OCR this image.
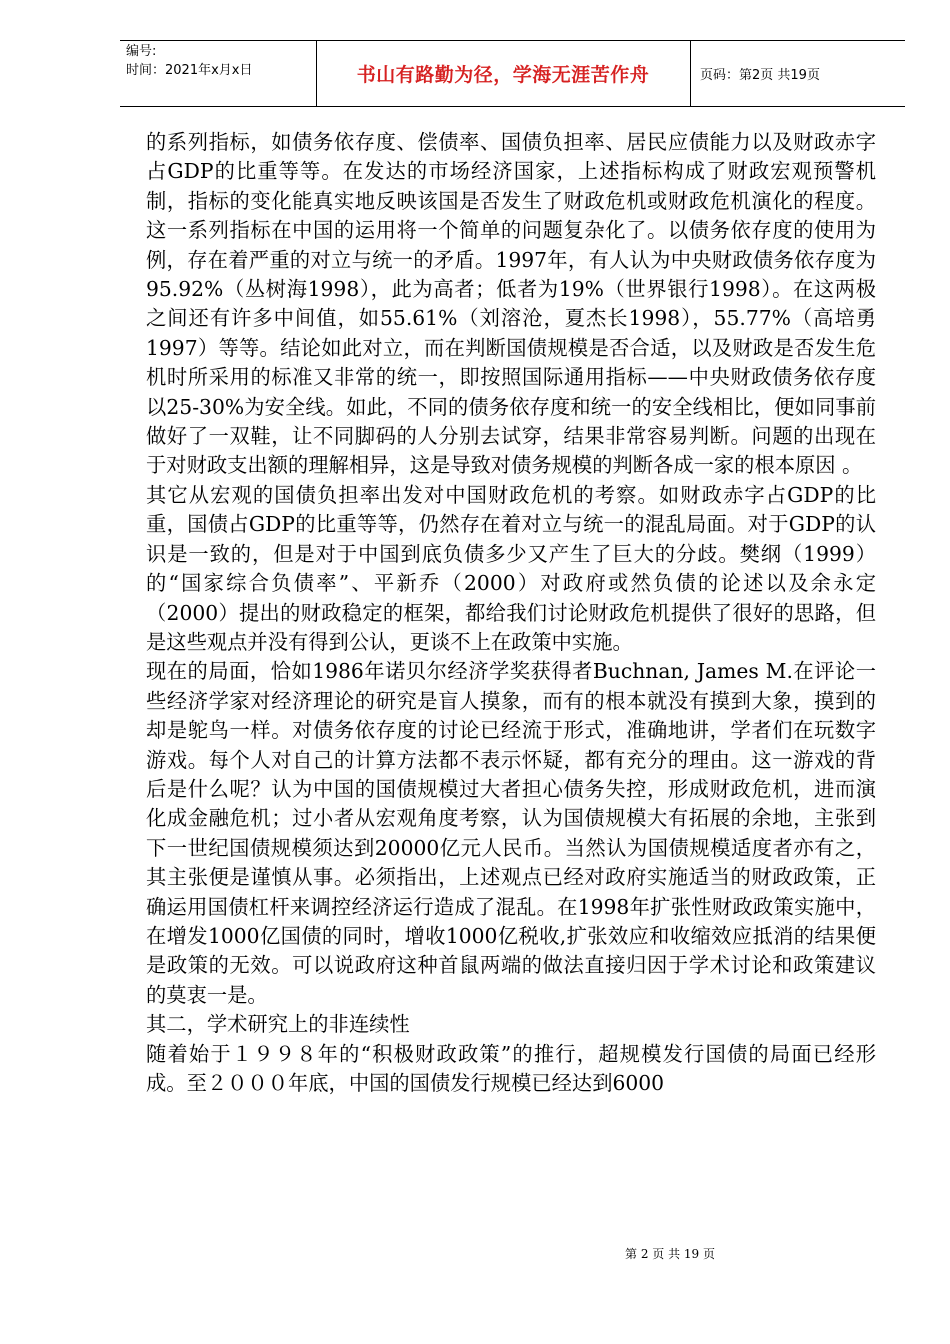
编号:
时间：2021年x月x日	书山有路勤为径，学海无涯苦作舟	页码：第2页 共19页

的系列指标，如债务依存度、偿债率、国债负担率、居民应债能力以及财政赤字占GDP的比重等等。在发达的市场经济国家，上述指标构成了财政宏观预警机制，指标的变化能真实地反映该国是否发生了财政危机或财政危机演化的程度。这一系列指标在中国的运用将一个简单的问题复杂化了。以债务依存度的使用为例，存在着严重的对立与统一的矛盾。1997年，有人认为中央财政债务依存度为95.92%（丛树海1998），此为高者；低者为19%（世界银行1998）。在这两极之间还有许多中间值，如55.61%（刘溶沧，夏杰长1998），55.77%（高培勇1997）等等。结论如此对立，而在判断国债规模是否合适，以及财政是否发生危机时所采用的标准又非常的统一，即按照国际通用指标——中央财政债务依存度以25-30%为安全线。如此，不同的债务依存度和统一的安全线相比，便如同事前做好了一双鞋，让不同脚码的人分别去试穿，结果非常容易判断。问题的出现在于对财政支出额的理解相异，这是导致对债务规模的判断各成一家的根本原因 。

其它从宏观的国债负担率出发对中国财政危机的考察。如财政赤字占GDP的比重，国债占GDP的比重等等，仍然存在着对立与统一的混乱局面。对于GDP的认识是一致的，但是对于中国到底负债多少又产生了巨大的分歧。樊纲（1999）的“国家综合负债率”、平新乔（2000）对政府或然负债的论述以及余永定（2000）提出的财政稳定的框架，都给我们讨论财政危机提供了很好的思路，但是这些观点并没有得到公认，更谈不上在政策中实施。

现在的局面，恰如1986年诺贝尔经济学奖获得者Buchnan, James M.在评论一些经济学家对经济理论的研究是盲人摸象，而有的根本就没有摸到大象，摸到的却是鸵鸟一样。对债务依存度的讨论已经流于形式，准确地讲，学者们在玩数字游戏。每个人对自己的计算方法都不表示怀疑，都有充分的理由。这一游戏的背后是什么呢？认为中国的国债规模过大者担心债务失控，形成财政危机，进而演化成金融危机；过小者从宏观角度考察，认为国债规模大有拓展的余地，主张到下一世纪国债规模须达到20000亿元人民币。当然认为国债规模适度者亦有之，其主张便是谨慎从事。必须指出，上述观点已经对政府实施适当的财政政策，正确运用国债杠杆来调控经济运行造成了混乱。在1998年扩张性财政政策实施中，在增发1000亿国债的同时，增收1000亿税收,扩张效应和收缩效应抵消的结果便是政策的无效。可以说政府这种首鼠两端的做法直接归因于学术讨论和政策建议的莫衷一是。

其二，学术研究上的非连续性

随着始于１９９８年的“积极财政政策”的推行，超规模发行国债的局面已经形成。至２０００年底，中国的国债发行规模已经达到6000

第 2 页 共 19 页
